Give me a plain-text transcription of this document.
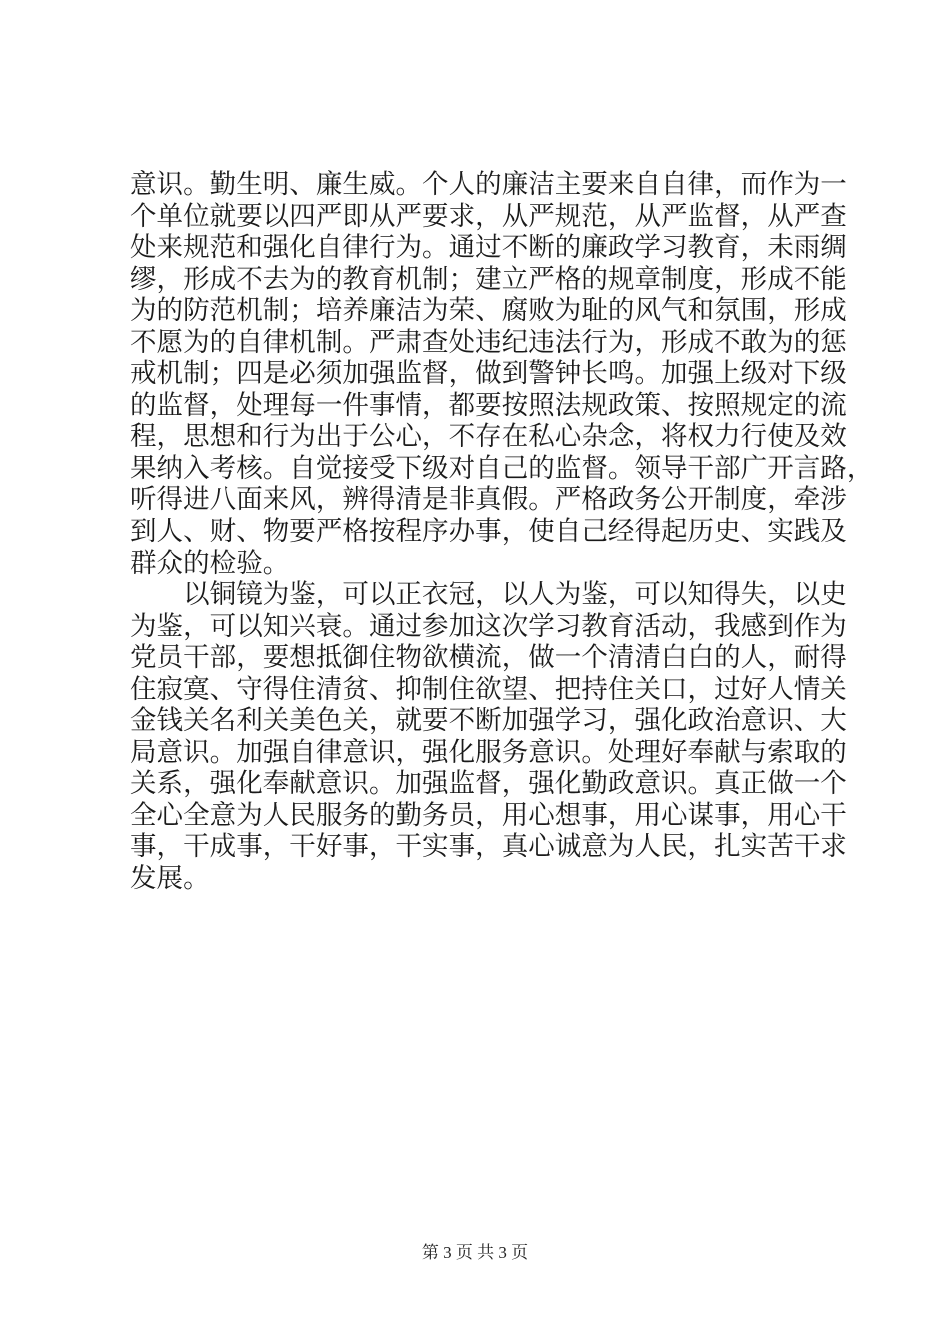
意识。勤生明、廉生威。个人的廉洁主要来自自律，而作为一
个单位就要以四严即从严要求，从严规范，从严监督，从严查
处来规范和强化自律行为。通过不断的廉政学习教育，未雨绸
缪，形成不去为的教育机制；建立严格的规章制度，形成不能
为的防范机制；培养廉洁为荣、腐败为耻的风气和氛围，形成
不愿为的自律机制。严肃查处违纪违法行为，形成不敢为的惩
戒机制；四是必须加强监督，做到警钟长鸣。加强上级对下级
的监督，处理每一件事情，都要按照法规政策、按照规定的流
程，思想和行为出于公心，不存在私心杂念，将权力行使及效
果纳入考核。自觉接受下级对自己的监督。领导干部广开言路，
听得进八面来风，辨得清是非真假。严格政务公开制度，牵涉
到人、财、物要严格按程序办事，使自己经得起历史、实践及
群众的检验。
　　以铜镜为鉴，可以正衣冠，以人为鉴，可以知得失，以史
为鉴，可以知兴衰。通过参加这次学习教育活动，我感到作为
党员干部，要想抵御住物欲横流，做一个清清白白的人，耐得
住寂寞、守得住清贫、抑制住欲望、把持住关口，过好人情关
金钱关名利关美色关，就要不断加强学习，强化政治意识、大
局意识。加强自律意识，强化服务意识。处理好奉献与索取的
关系，强化奉献意识。加强监督，强化勤政意识。真正做一个
全心全意为人民服务的勤务员，用心想事，用心谋事，用心干
事，干成事，干好事，干实事，真心诚意为人民，扎实苦干求
发展。
第 3 页 共 3 页
